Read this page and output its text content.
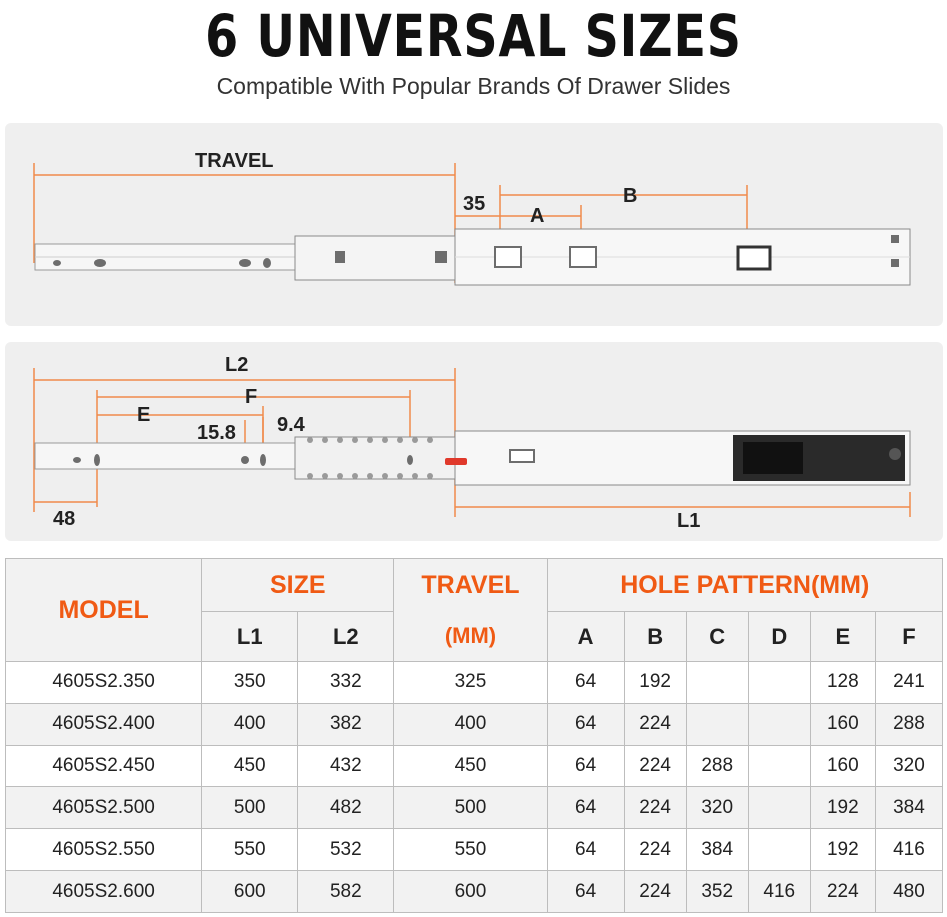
6 UNIVERSAL SIZES
Compatible With Popular Brands Of Drawer Slides
TRAVEL
35
A
B
L2
F
E
15.8 9.4
48	L1
MODEL	SIZE		TRAVEL	HOLE PATTERN(MM)					
	L1	L2	(MM)	A	B	C	D	E	F
4605S2.350	350	332	325	64	192			128	241
4605S2.400	400	382	400	64	224			160	288
4605S2.450	450	432	450	64	224	288		160	320
4605S2.500	500	482	500	64	224	320		192	384
4605S2.550	550	532	550	64	224	384		192	416
4605S2.600	600	582	600	64	224	352	416	224	480
